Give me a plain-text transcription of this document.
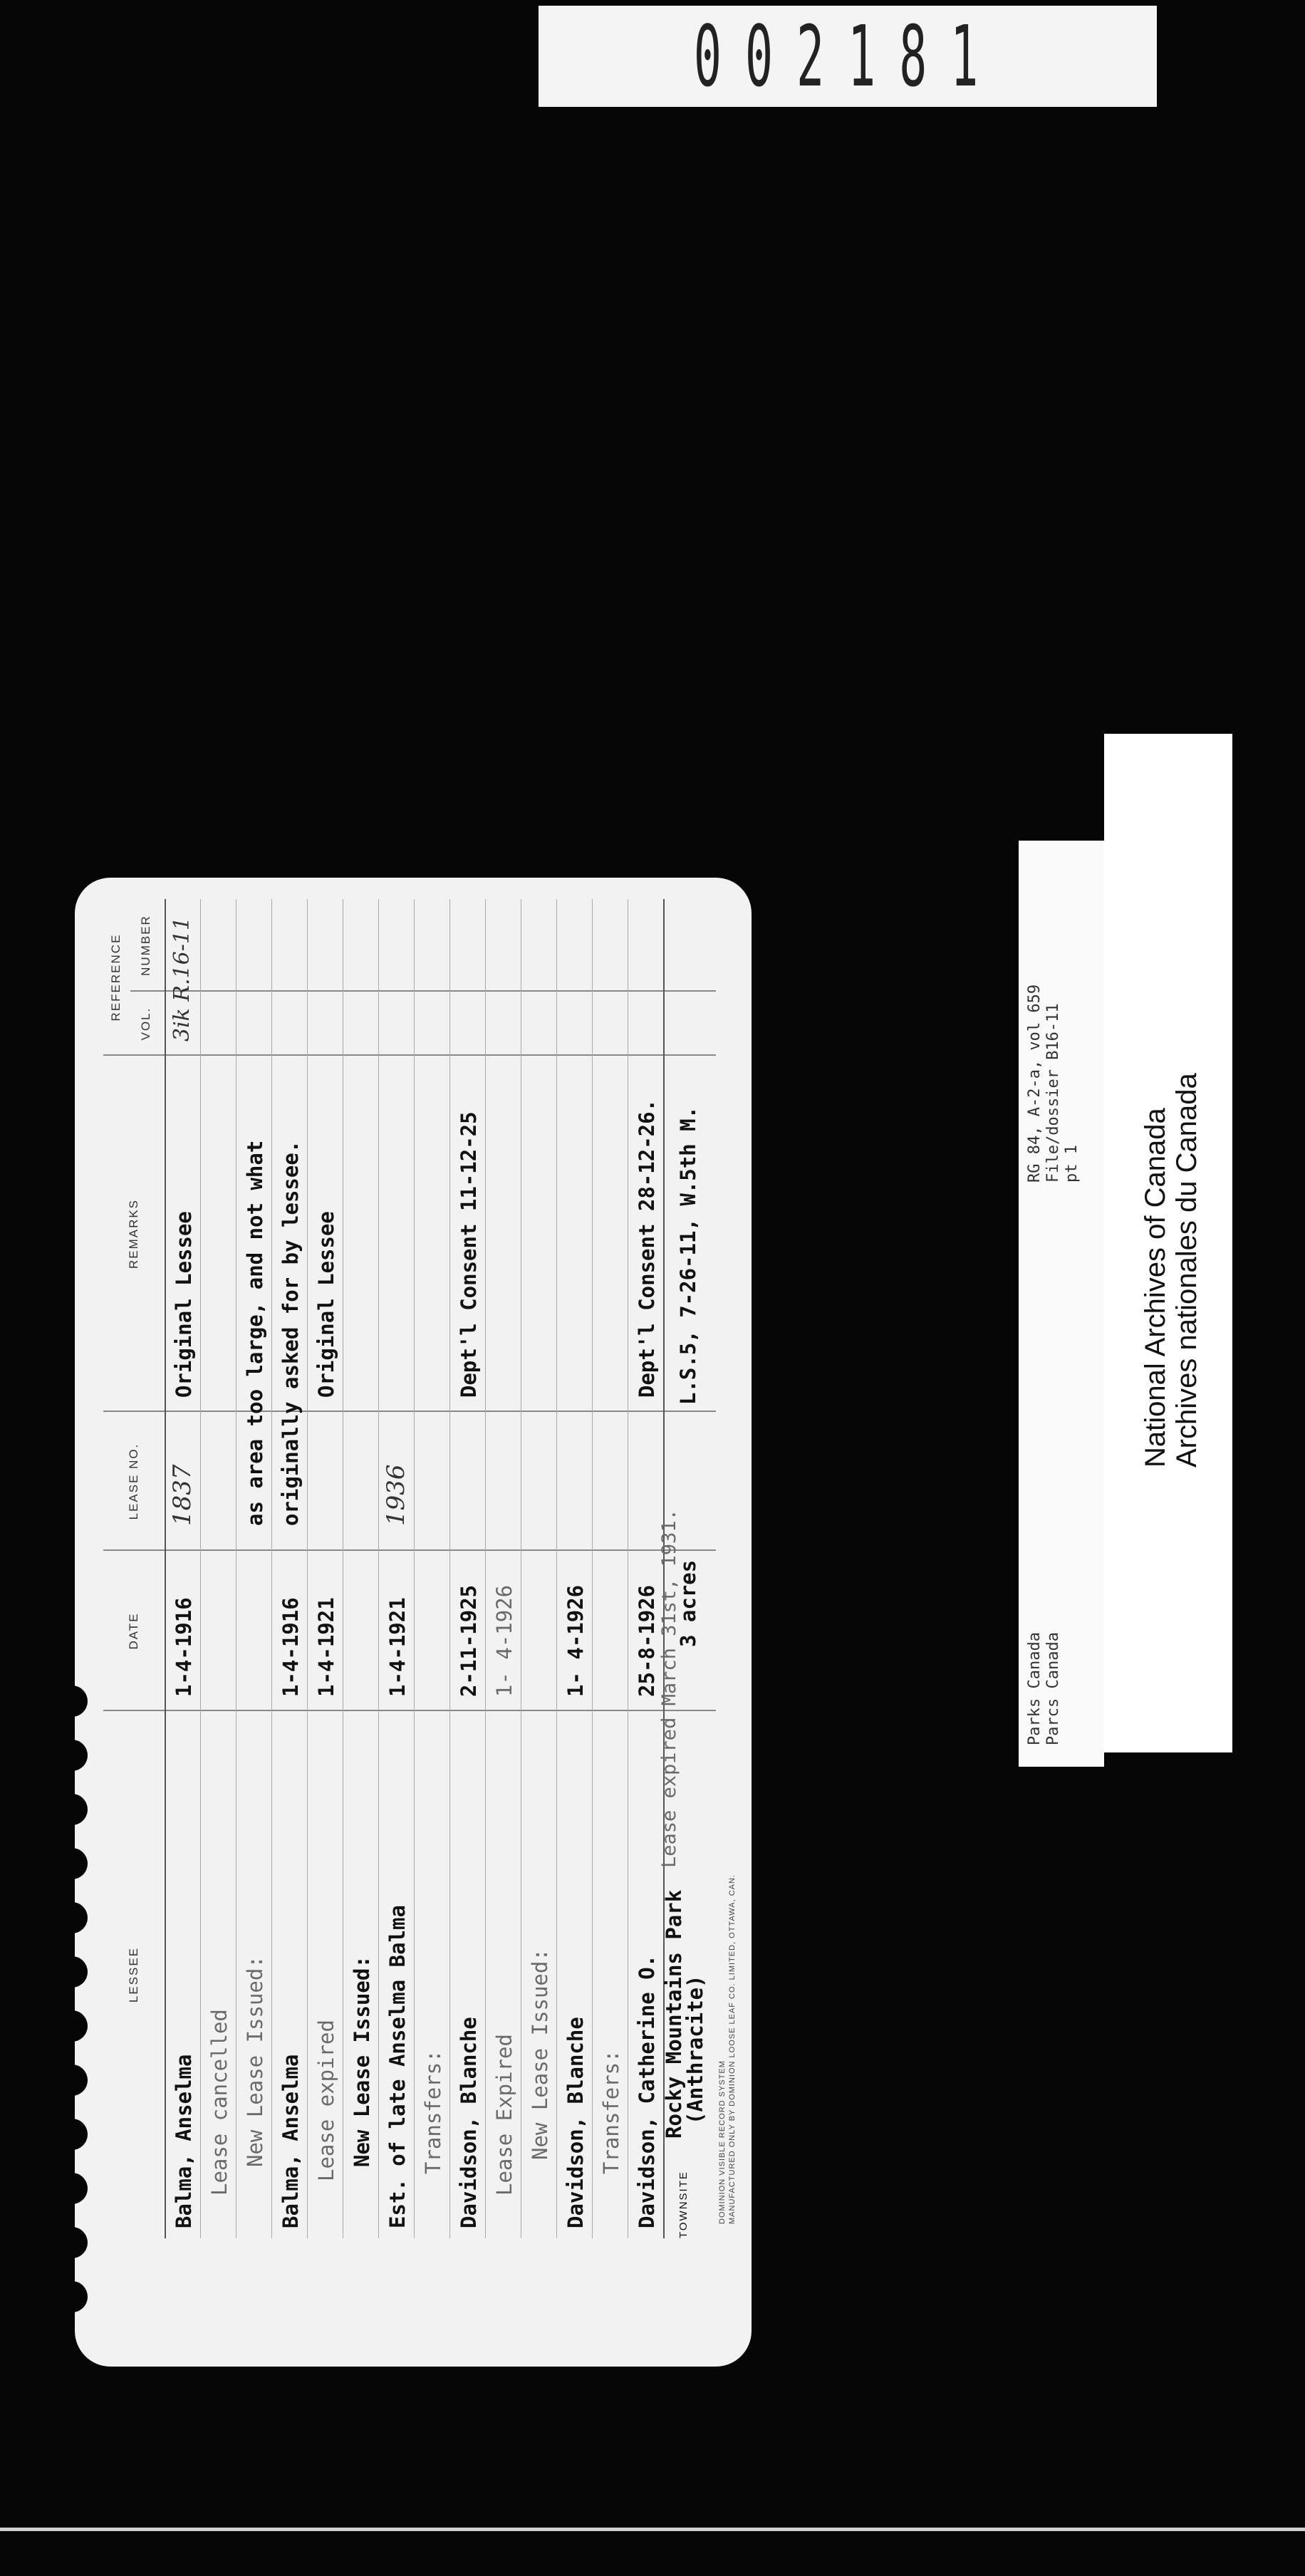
002181
Parks Canada Parcs Canada
RG 84, A-2-a, vol 659 File/dossier B16-11 pt 1 National Archives of Canada Archives nationales du Canada
LESSEE
DATE
LEASE NO.
REMARKS
REFERENCE
VOL.
NUMBER
Balma, Anselma
1-4-1916
1837
Original Lessee
3ik R.16-11
Lease cancelled New Lease Issued:
as area too large, and not what
Balma, Anselma
1-4-1916
originally asked for by lessee.
Lease expired
1-4-1921
Original Lessee
New Lease Issued: Est. of late Anselma Balma
1-4-1921
1936
Transfers: Davidson, Blanche
2-11-1925
Dept'l Consent 11-12-25
Lease Expired
1- 4-1926
New Lease Issued: Davidson, Blanche
1- 4-1926
Transfers: Davidson, Catherine O.
25-8-1926
Dept'l Consent 28-12-26.
Lease expired March 31st, 1931.
TOWNSITE
Rocky Mountains Park
(Anthracite)
3 acres
L.S.5, 7-26-11, W.5th M.
DOMINION VISIBLE RECORD SYSTEM MANUFACTURED ONLY BY DOMINION LOOSE LEAF CO. LIMITED, OTTAWA, CAN.
